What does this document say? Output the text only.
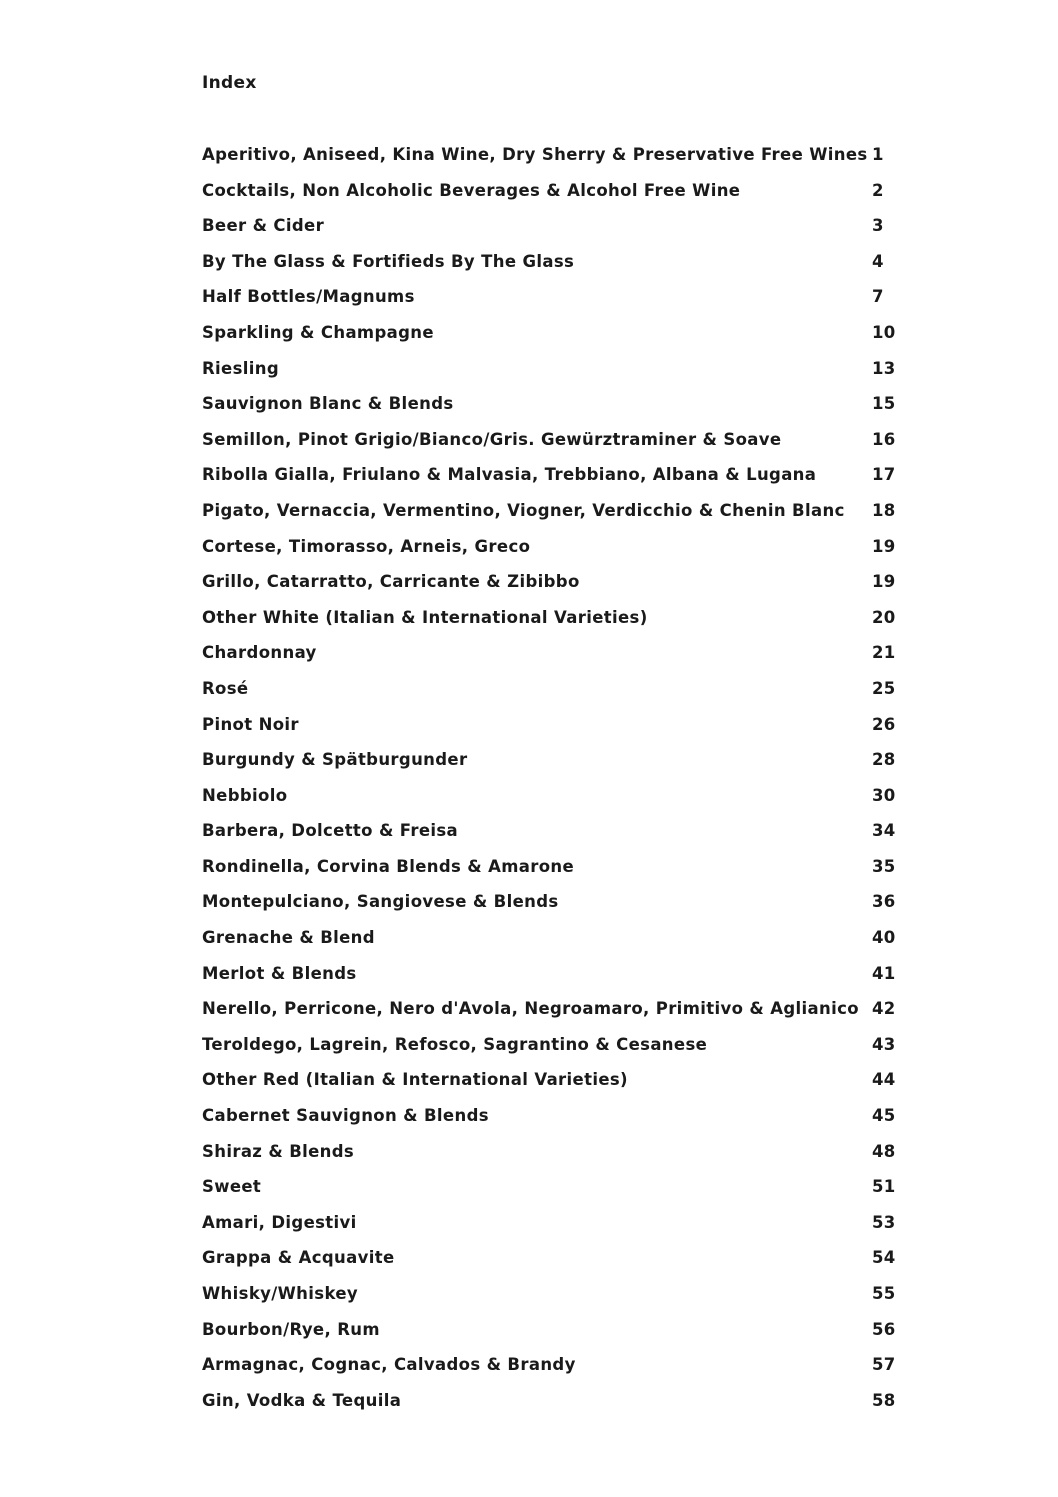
Index
Aperitivo, Aniseed, Kina Wine, Dry Sherry & Preservative Free Wines 1
Cocktails, Non Alcoholic Beverages & Alcohol Free Wine	2
Beer & Cider	3
By The Glass & Fortifieds By The Glass	4
Half Bottles/Magnums	7
Sparkling & Champagne	10
Riesling	13
Sauvignon Blanc & Blends	15
Semillon, Pinot Grigio/Bianco/Gris. Gewürztraminer & Soave	16
Ribolla Gialla, Friulano & Malvasia, Trebbiano, Albana & Lugana	17
Pigato, Vernaccia, Vermentino, Viogner, Verdicchio & Chenin Blanc 18
Cortese, Timorasso, Arneis, Greco	19
Grillo, Catarratto, Carricante & Zibibbo	19
Other White (Italian & International Varieties)	20
Chardonnay	21
Rosé	25
Pinot Noir	26
Burgundy & Spätburgunder	28
Nebbiolo	30
Barbera, Dolcetto & Freisa	34
Rondinella, Corvina Blends & Amarone	35
Montepulciano, Sangiovese & Blends	36
Grenache & Blend	40
Merlot & Blends	41
Nerello, Perricone, Nero d'Avola, Negroamaro, Primitivo & Aglianico 42
Teroldego, Lagrein, Refosco, Sagrantino & Cesanese	43
Other Red (Italian & International Varieties)	44
Cabernet Sauvignon & Blends	45
Shiraz & Blends	48
Sweet	51
Amari, Digestivi	53
Grappa & Acquavite	54
Whisky/Whiskey	55
Bourbon/Rye, Rum	56
Armagnac, Cognac, Calvados & Brandy	57
Gin, Vodka & Tequila	58
